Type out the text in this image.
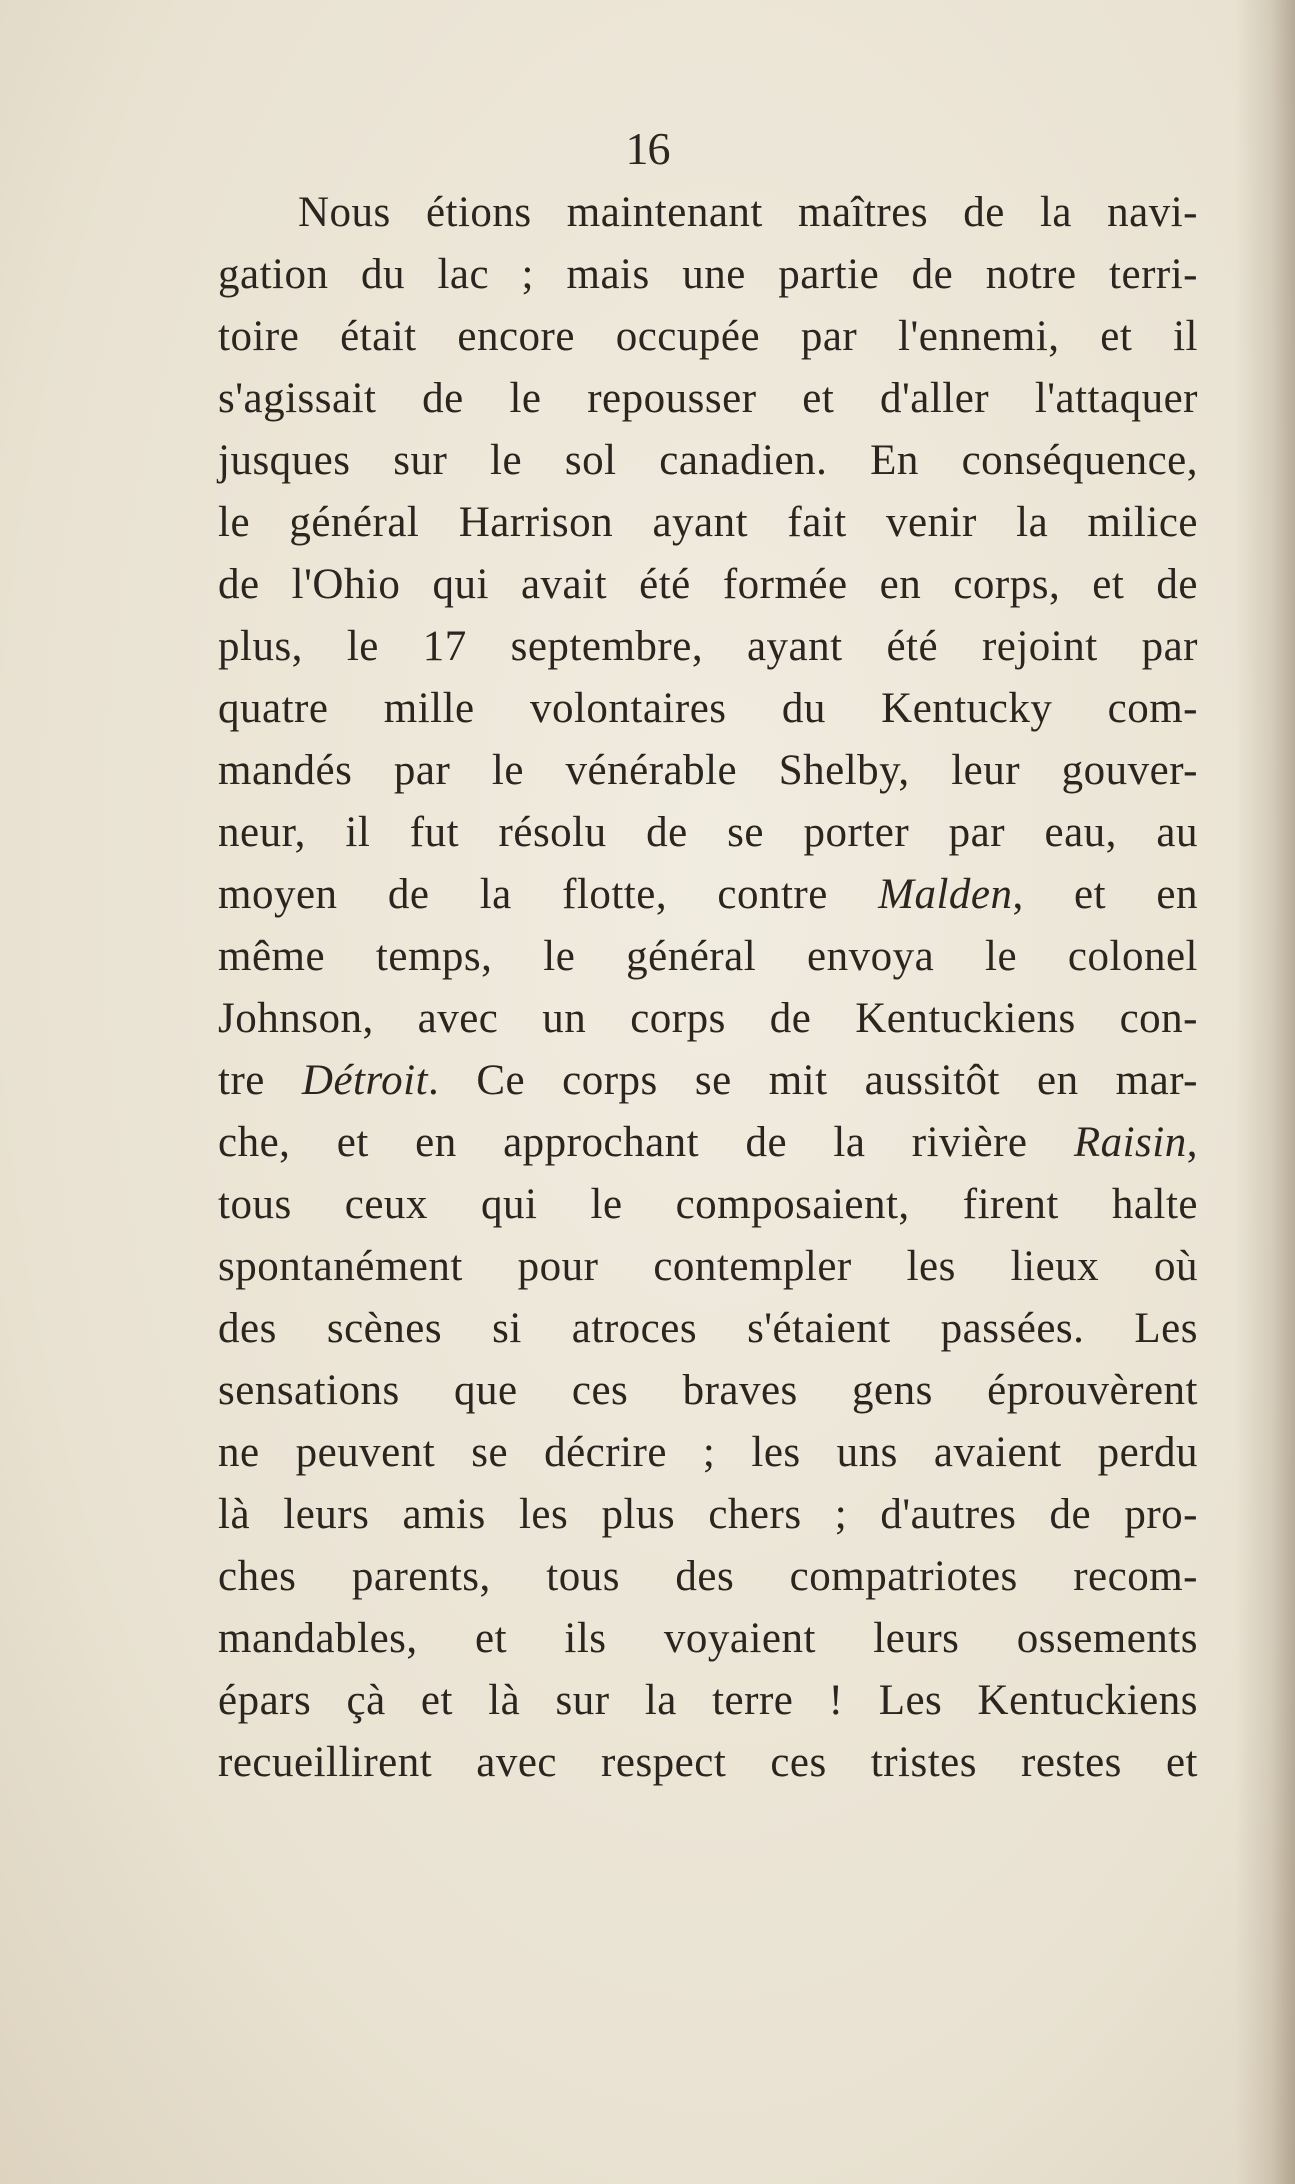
16
Nous étions maintenant maîtres de la navi-
gation du lac ; mais une partie de notre terri-
toire était encore occupée par l'ennemi, et il
s'agissait de le repousser et d'aller l'attaquer
jusques sur le sol canadien. En conséquence,
le général Harrison ayant fait venir la milice
de l'Ohio qui avait été formée en corps, et de
plus, le 17 septembre, ayant été rejoint par
quatre mille volontaires du Kentucky com-
mandés par le vénérable Shelby, leur gouver-
neur, il fut résolu de se porter par eau, au
moyen de la flotte, contre Malden, et en
même temps, le général envoya le colonel
Johnson, avec un corps de Kentuckiens con-
tre Détroit. Ce corps se mit aussitôt en mar-
che, et en approchant de la rivière Raisin,
tous ceux qui le composaient, firent halte
spontanément pour contempler les lieux où
des scènes si atroces s'étaient passées. Les
sensations que ces braves gens éprouvèrent
ne peuvent se décrire ; les uns avaient perdu
là leurs amis les plus chers ; d'autres de pro-
ches parents, tous des compatriotes recom-
mandables, et ils voyaient leurs ossements
épars çà et là sur la terre ! Les Kentuckiens
recueillirent avec respect ces tristes restes et
